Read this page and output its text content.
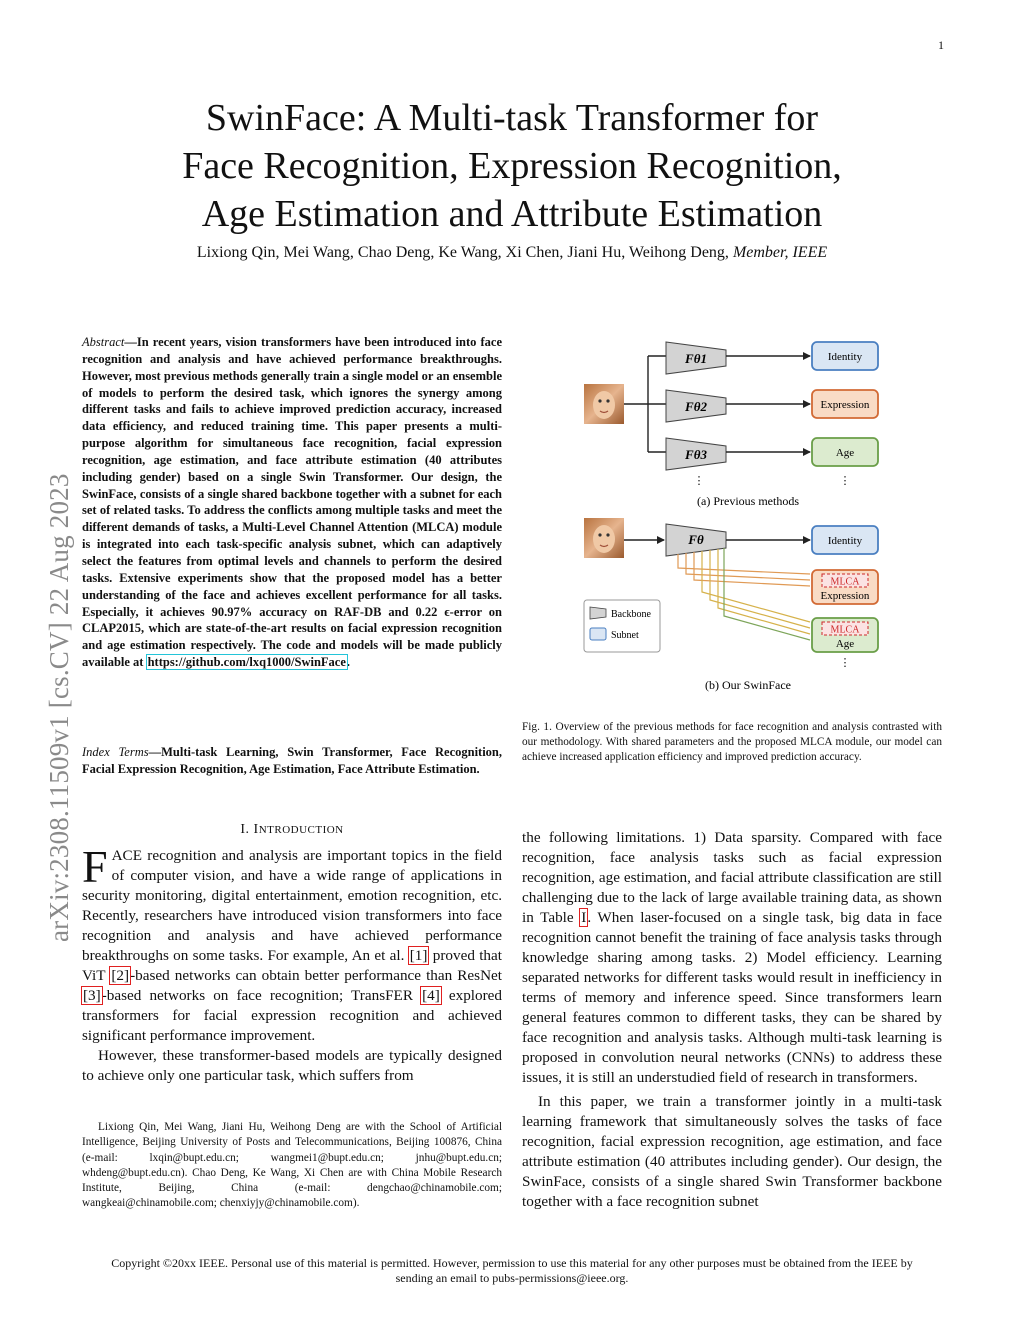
1
arXiv:2308.11509v1 [cs.CV] 22 Aug 2023
SwinFace: A Multi-task Transformer for
Face Recognition, Expression Recognition,
Age Estimation and Attribute Estimation
Lixiong Qin, Mei Wang, Chao Deng, Ke Wang, Xi Chen, Jiani Hu, Weihong Deng, Member, IEEE
Abstract—In recent years, vision transformers have been introduced into face recognition and analysis and have achieved performance breakthroughs. However, most previous methods generally train a single model or an ensemble of models to perform the desired task, which ignores the synergy among different tasks and fails to achieve improved prediction accuracy, increased data efficiency, and reduced training time. This paper presents a multi-purpose algorithm for simultaneous face recognition, facial expression recognition, age estimation, and face attribute estimation (40 attributes including gender) based on a single Swin Transformer. Our design, the SwinFace, consists of a single shared backbone together with a subnet for each set of related tasks. To address the conflicts among multiple tasks and meet the different demands of tasks, a Multi-Level Channel Attention (MLCA) module is integrated into each task-specific analysis subnet, which can adaptively select the features from optimal levels and channels to perform the desired tasks. Extensive experiments show that the proposed model has a better understanding of the face and achieves excellent performance for all tasks. Especially, it achieves 90.97% accuracy on RAF-DB and 0.22 ϵ-error on CLAP2015, which are state-of-the-art results on facial expression recognition and age estimation respectively. The code and models will be made publicly available at https://github.com/lxq1000/SwinFace.
Index Terms—Multi-task Learning, Swin Transformer, Face Recognition, Facial Expression Recognition, Age Estimation, Face Attribute Estimation.
Fθ1
Fθ2
Fθ3
Identity
Expression
Age
⋮	⋮
(a) Previous methods
Fθ	Identity
MLCA
Expression
MLCA
Age
⋮
Backbone
Subnet
(b) Our SwinFace
Fig. 1. Overview of the previous methods for face recognition and analysis contrasted with our methodology. With shared parameters and the proposed MLCA module, our model can achieve increased application efficiency and improved prediction accuracy.
I. INTRODUCTION

FACE recognition and analysis are important topics in the field of computer vision, and have a wide range of applications in security monitoring, digital entertainment, emotion recognition, etc. Recently, researchers have introduced vision transformers into face recognition and analysis and have achieved performance breakthroughs on some tasks. For example, An et al. [1] proved that ViT [2]-based networks can obtain better performance than ResNet [3]-based networks on face recognition; TransFER [4] explored transformers for facial expression recognition and achieved significant performance improvement.

However, these transformer-based models are typically designed to achieve only one particular task, which suffers from

Lixiong Qin, Mei Wang, Jiani Hu, Weihong Deng are with the School of Artificial Intelligence, Beijing University of Posts and Telecommunications, Beijing 100876, China (e-mail: lxqin@bupt.edu.cn; wangmei1@bupt.edu.cn; jnhu@bupt.edu.cn; whdeng@bupt.edu.cn). Chao Deng, Ke Wang, Xi Chen are with China Mobile Research Institute, Beijing, China (e-mail: dengchao@chinamobile.com; wangkeai@chinamobile.com; chenxiyjy@chinamobile.com).

the following limitations. 1) Data sparsity. Compared with face recognition, face analysis tasks such as facial expression recognition, age estimation, and facial attribute classification are still challenging due to the lack of large available training data, as shown in Table I. When laser-focused on a single task, big data in face recognition cannot benefit the training of face analysis tasks through knowledge sharing among tasks. 2) Model efficiency. Learning separated networks for different tasks would result in inefficiency in terms of memory and inference speed. Since transformers learn general features common to different tasks, they can be shared by face recognition and analysis tasks. Although multi-task learning is proposed in convolution neural networks (CNNs) to address these issues, it is still an understudied field of research in transformers.

In this paper, we train a transformer jointly in a multi-task learning framework that simultaneously solves the tasks of face recognition, facial expression recognition, age estimation, and face attribute estimation (40 attributes including gender). Our design, the SwinFace, consists of a single shared Swin Transformer backbone together with a face recognition subnet

Copyright ©20xx IEEE. Personal use of this material is permitted. However, permission to use this material for any other purposes must be obtained from the IEEE by sending an email to pubs-permissions@ieee.org.
